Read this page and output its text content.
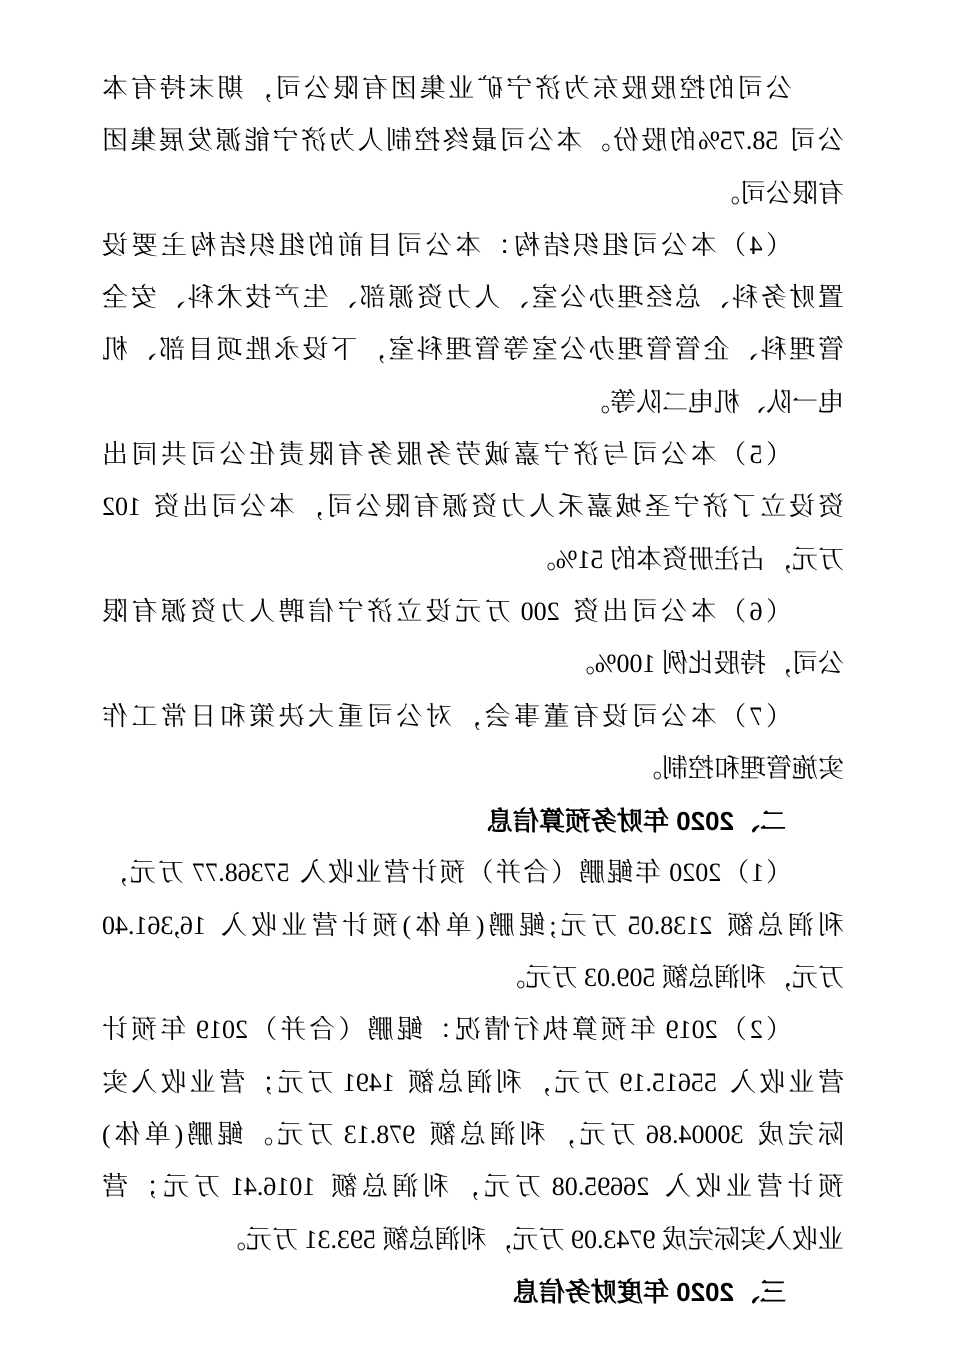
公司的控股股东为济宁矿业集团有限公司，期末持有本
公司 58.75%的股份。本公司最终控制人为济宁能源发展集团
有限公司。
（4）本公司组织结构：本公司目前的组织结构主要设
置财务科、总经理办公室、人力资源部、生产技术科、安全
管理科、企管管理办公室等管理科室，下设永胜项目部、机
电一队、机电二队等。
（5）本公司与济宁嘉诚劳务服务有限责任公司共同出
资设立了济宁圣城嘉禾人力资源有限公司，本公司出资 102
万元，占注册资本的 51%。
（6）本公司出资 200 万元设立济宁信聘人力资源有限
公司，持股比例 100%。
（7）本公司设有董事会，对公司重大决策和日常工作
实施管理和控制。
二、2020 年财务预算信息
（1）2020 年鲲鹏（合并）预计营业收入 57368.77 万元，
利润总额 2138.05 万元;鲲鹏(单体)预计营业收入 16,361.40
万元，利润总额 509.03 万元。
（2）2019 年预算执行情况：鲲鹏（合并）2019 年预计
营业收入 55615.19 万元，利润总额 1491 万元；营业收入实
际完成 30004.86 万元，利润总额 978.13 万元。鲲鹏(单体)
预计营业收入 26695.08 万元，利润总额 1016.41 万元；营
业收入实际完成 9743.09 万元，利润总额 593.31 万元。
三、2020 年度财务信息
